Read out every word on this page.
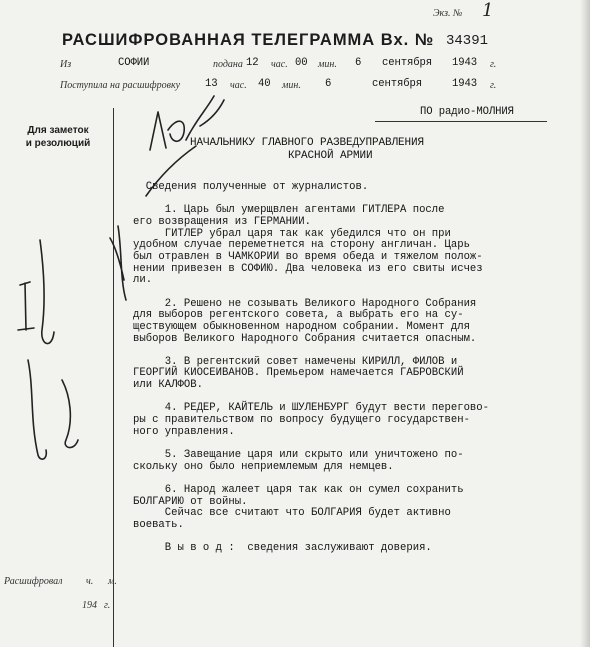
Экз. № 1
РАСШИФРОВАННАЯ ТЕЛЕГРАММА Вх. № 34391
Из	СОФИИ	подана 12 час. 00 мин. 6 сентября 1943 г.
Поступила на расшифровку 13 час. 40 мин. 6	сентября	1943 г.
ПО радио-МОЛНИЯ
Для заметок
и резолюций	НАЧАЛЬНИКУ ГЛАВНОГО РАЗВЕДУПРАВЛЕНИЯ
КРАСНОЙ АРМИИ
Сведения полученные от журналистов.
1. Царь был умерщвлен агентами ГИТЛЕРА после
его возвращения из ГЕРМАНИИ.
ГИТЛЕР убрал царя так как убедился что он при
удобном случае переметнется на сторону англичан. Царь
был отравлен в ЧАМКОРИИ во время обеда и тяжелом полож-
нении привезен в СОФИЮ. Два человека из его свиты исчез
ли.
2. Решено не созывать Великого Народного Собрания
для выборов регентского совета, а выбрать его на су-
ществующем обыкновенном народном собрании. Момент для
выборов Великого Народного Собрания считается опасным.
3. В регентский совет намечены КИРИЛЛ, ФИЛОВ и
ГЕОРГИЙ КИОСЕИВАНОВ. Премьером намечается ГАБРОВСКИЙ
или КАЛФОВ.
4. РЕДЕР, КАЙТЕЛЬ и ШУЛЕНБУРГ будут вести перегово-
ры с правительством по вопросу будущего государствен-
ного управления.
5. Завещание царя или скрыто или уничтожено по-
скольку оно было неприемлемым для немцев.
6. Народ жалеет царя так как он сумел сохранить
БОЛГАРИЮ от войны.
Сейчас все считают что БОЛГАРИЯ будет активно
воевать.
В ы в о д :  сведения заслуживают доверия.
Расшифровал ч. м.
194 г.
